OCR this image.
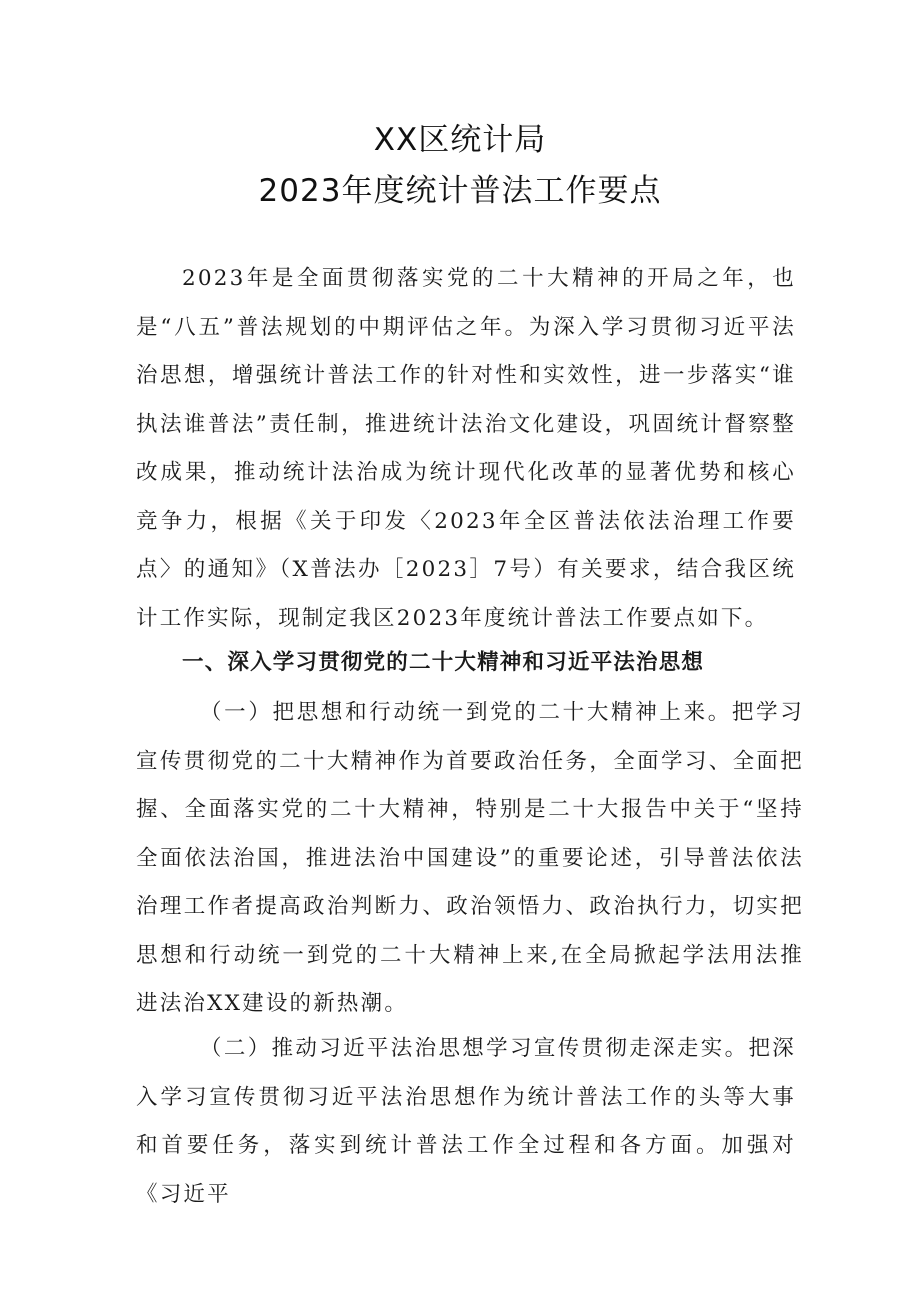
XX区统计局
2023年度统计普法工作要点

2023年是全面贯彻落实党的二十大精神的开局之年，也是“八五”普法规划的中期评估之年。为深入学习贯彻习近平法治思想，增强统计普法工作的针对性和实效性，进一步落实“谁执法谁普法”责任制，推进统计法治文化建设，巩固统计督察整改成果，推动统计法治成为统计现代化改革的显著优势和核心竞争力，根据《关于印发〈2023年全区普法依法治理工作要点〉的通知》（X普法办［2023］7号）有关要求，结合我区统计工作实际，现制定我区2023年度统计普法工作要点如下。

一、深入学习贯彻党的二十大精神和习近平法治思想

（一）把思想和行动统一到党的二十大精神上来。把学习宣传贯彻党的二十大精神作为首要政治任务，全面学习、全面把握、全面落实党的二十大精神，特别是二十大报告中关于“坚持全面依法治国，推进法治中国建设”的重要论述，引导普法依法治理工作者提高政治判断力、政治领悟力、政治执行力，切实把思想和行动统一到党的二十大精神上来,在全局掀起学法用法推进法治XX建设的新热潮。

（二）推动习近平法治思想学习宣传贯彻走深走实。把深入学习宣传贯彻习近平法治思想作为统计普法工作的头等大事和首要任务，落实到统计普法工作全过程和各方面。加强对《习近平
